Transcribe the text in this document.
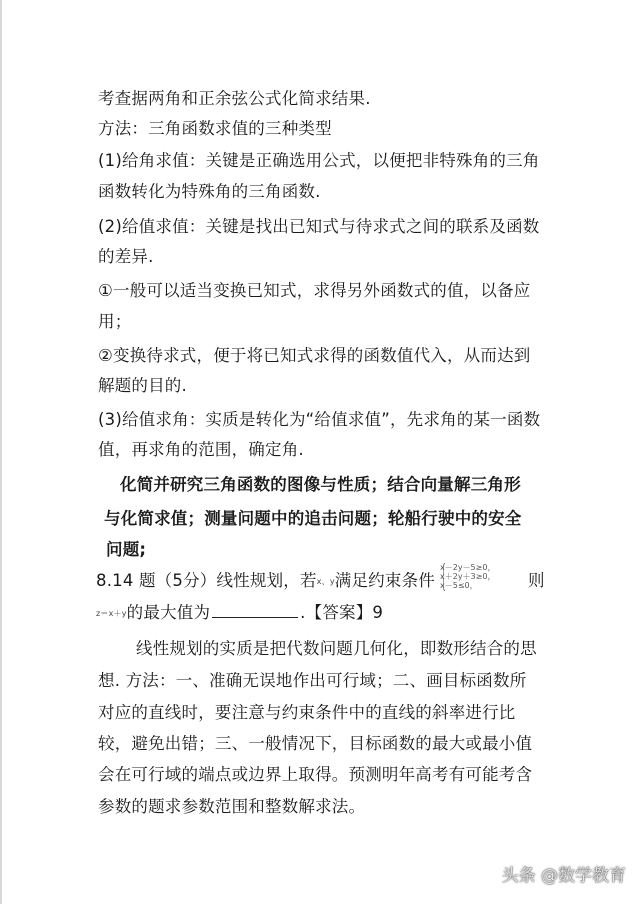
考查据两角和正余弦公式化简求结果.
方法：三角函数求值的三种类型
(1)给角求值：关键是正确选用公式，以便把非特殊角的三角
函数转化为特殊角的三角函数.
(2)给值求值：关键是找出已知式与待求式之间的联系及函数
的差异.
①一般可以适当变换已知式，求得另外函数式的值，以备应
用；
②变换待求式，便于将已知式求得的函数值代入，从而达到
解题的目的.
(3)给值求角：实质是转化为“给值求值”，先求角的某一函数
值，再求角的范围，确定角.
化简并研究三角函数的图像与性质；结合向量解三角形
与化简求值；测量问题中的追击问题；轮船行驶中的安全
问题;
8.14 题（5分）线性规划，若x、y满足约束条件 {
x－2y－5≥0，
x＋2y＋3≥0，
x－5≤0，	则
z＝x＋y的最大值为	.【答案】9
线性规划的实质是把代数问题几何化，即数形结合的思
想. 方法：一、准确无误地作出可行域；二、画目标函数所
对应的直线时，要注意与约束条件中的直线的斜率进行比
较，避免出错；三、一般情况下，目标函数的最大或最小值
会在可行域的端点或边界上取得。预测明年高考有可能考含
参数的题求参数范围和整数解求法。
头条 @数学教育
